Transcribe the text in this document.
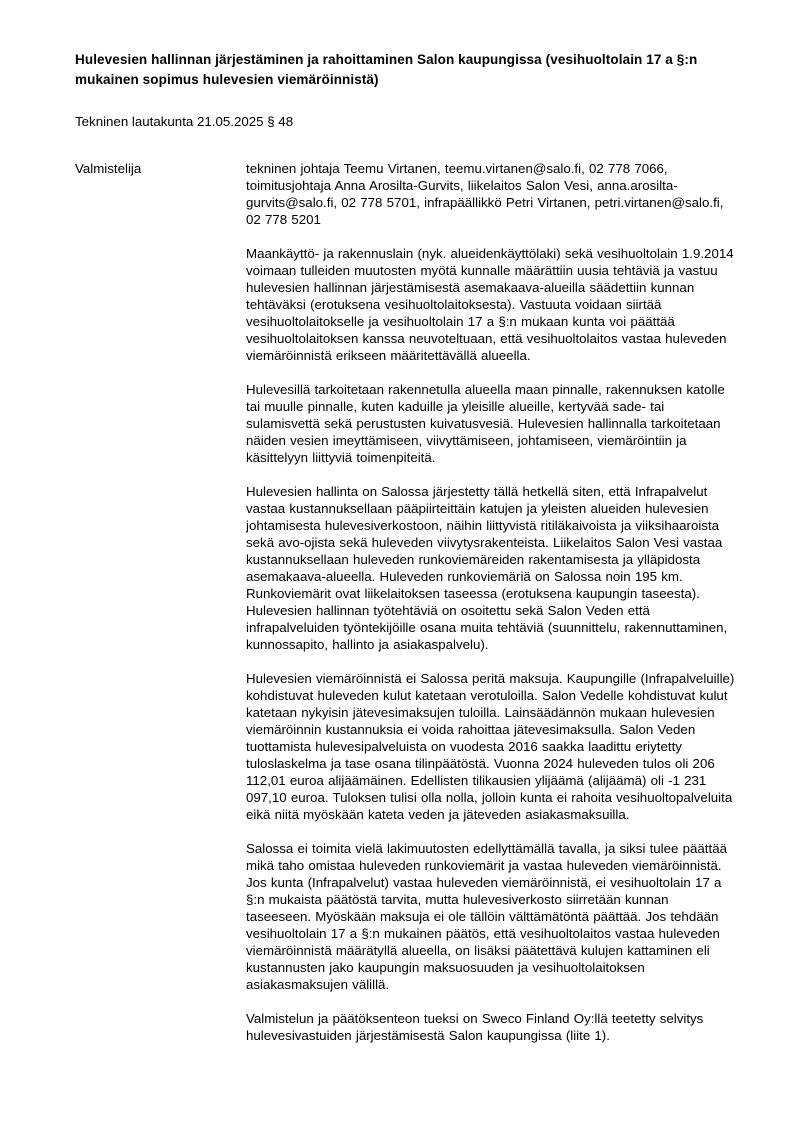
Hulevesien hallinnan järjestäminen ja rahoittaminen Salon kaupungissa (vesihuoltolain 17 a §:n mukainen sopimus hulevesien viemäröinnistä)

Tekninen lautakunta 21.05.2025 § 48

Valmistelija	tekninen johtaja Teemu Virtanen, teemu.virtanen@salo.fi, 02 778 7066, toimitusjohtaja Anna Arosilta-Gurvits, liikelaitos Salon Vesi, anna.arosilta-gurvits@salo.fi, 02 778 5701, infrapäällikkö Petri Virtanen, petri.virtanen@salo.fi, 02 778 5201

Maankäyttö- ja rakennuslain (nyk. alueidenkäyttölaki) sekä vesihuoltolain 1.9.2014 voimaan tulleiden muutosten myötä kunnalle määrättiin uusia tehtäviä ja vastuu hulevesien hallinnan järjestämisestä asemakaava-alueilla säädettiin kunnan tehtäväksi (erotuksena vesihuoltolaitoksesta). Vastuuta voidaan siirtää vesihuoltolaitokselle ja vesihuoltolain 17 a §:n mukaan kunta voi päättää vesihuoltolaitoksen kanssa neuvoteltuaan, että vesihuoltolaitos vastaa huleveden viemäröinnistä erikseen määritettävällä alueella.

Hulevesillä tarkoitetaan rakennetulla alueella maan pinnalle, rakennuksen katolle tai muulle pinnalle, kuten kaduille ja yleisille alueille, kertyvää sade- tai sulamisvettä sekä perustusten kuivatusvesiä. Hulevesien hallinnalla tarkoitetaan näiden vesien imeyttämiseen, viivyttämiseen, johtamiseen, viemäröintiin ja käsittelyyn liittyviä toimenpiteitä.

Hulevesien hallinta on Salossa järjestetty tällä hetkellä siten, että Infrapalvelut vastaa kustannuksellaan pääpiirteittäin katujen ja yleisten alueiden hulevesien johtamisesta hulevesiverkostoon, näihin liittyvistä ritiläkaivoista ja viiksihaaroista sekä avo-ojista sekä huleveden viivytysrakenteista. Liikelaitos Salon Vesi vastaa kustannuksellaan huleveden runkoviemäreiden rakentamisesta ja ylläpidosta asemakaava-alueella. Huleveden runkoviemäriä on Salossa noin 195 km. Runkoviemärit ovat liikelaitoksen taseessa (erotuksena kaupungin taseesta). Hulevesien hallinnan työtehtäviä on osoitettu sekä Salon Veden että infrapalveluiden työntekijöille osana muita tehtäviä (suunnittelu, rakennuttaminen, kunnossapito, hallinto ja asiakaspalvelu).

Hulevesien viemäröinnistä ei Salossa peritä maksuja. Kaupungille (Infrapalveluille) kohdistuvat huleveden kulut katetaan verotuloilla. Salon Vedelle kohdistuvat kulut katetaan nykyisin jätevesimaksujen tuloilla. Lainsäädännön mukaan hulevesien viemäröinnin kustannuksia ei voida rahoittaa jätevesimaksulla. Salon Veden tuottamista hulevesipalveluista on vuodesta 2016 saakka laadittu eriytetty tuloslaskelma ja tase osana tilinpäätöstä. Vuonna 2024 huleveden tulos oli 206 112,01 euroa alijäämäinen. Edellisten tilikausien ylijäämä (alijäämä) oli -1 231 097,10 euroa. Tuloksen tulisi olla nolla, jolloin kunta ei rahoita vesihuoltopalveluita eikä niitä myöskään kateta veden ja jäteveden asiakasmaksuilla.

Salossa ei toimita vielä lakimuutosten edellyttämällä tavalla, ja siksi tulee päättää mikä taho omistaa huleveden runkoviemärit ja vastaa huleveden viemäröinnistä. Jos kunta (Infrapalvelut) vastaa huleveden viemäröinnistä, ei vesihuoltolain 17 a §:n mukaista päätöstä tarvita, mutta hulevesiverkosto siirretään kunnan taseeseen. Myöskään maksuja ei ole tällöin välttämätöntä päättää. Jos tehdään vesihuoltolain 17 a §:n mukainen päätös, että vesihuoltolaitos vastaa huleveden viemäröinnistä määrätyllä alueella, on lisäksi päätettävä kulujen kattaminen eli kustannusten jako kaupungin maksuosuuden ja vesihuoltolaitoksen asiakasmaksujen välillä.

Valmistelun ja päätöksenteon tueksi on Sweco Finland Oy:llä teetetty selvitys hulevesivastuiden järjestämisestä Salon kaupungissa (liite 1).
